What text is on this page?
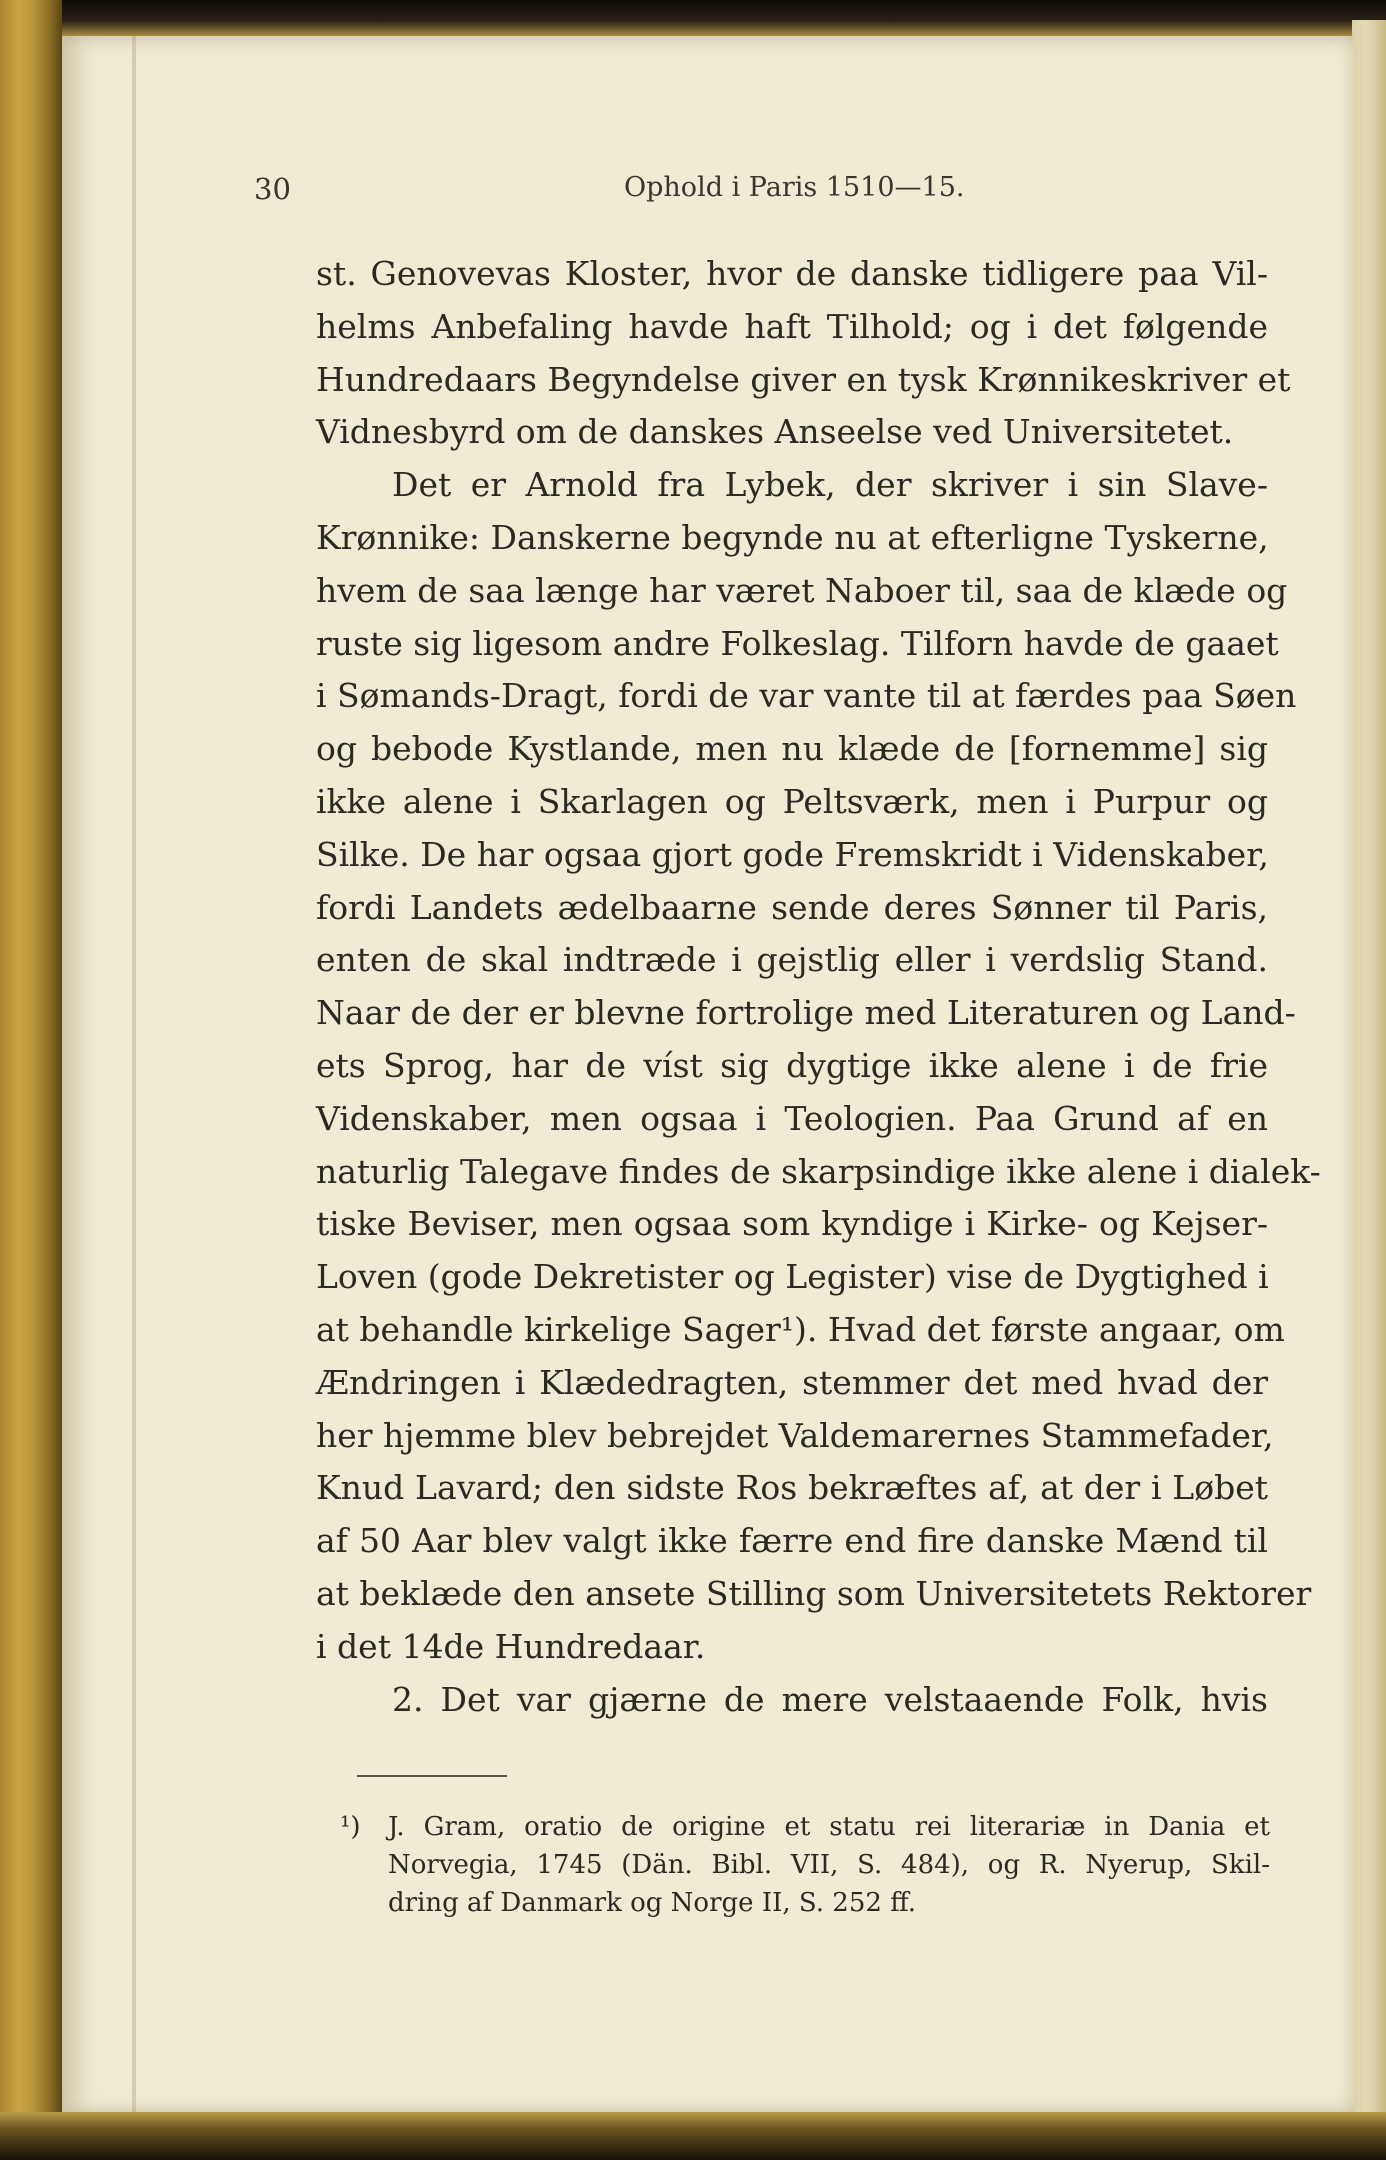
30	Ophold i Paris 1510—15.
st. Genovevas Kloster, hvor de danske tidligere paa Vil-
helms Anbefaling havde haft Tilhold; og i det følgende
Hundredaars Begyndelse giver en tysk Krønnikeskriver et
Vidnesbyrd om de danskes Anseelse ved Universitetet.
Det er Arnold fra Lybek, der skriver i sin Slave-
Krønnike: Danskerne begynde nu at efterligne Tyskerne,
hvem de saa længe har været Naboer til, saa de klæde og
ruste sig ligesom andre Folkeslag. Tilforn havde de gaaet
i Sømands-Dragt, fordi de var vante til at færdes paa Søen
og bebode Kystlande, men nu klæde de [fornemme] sig
ikke alene i Skarlagen og Peltsværk, men i Purpur og
Silke. De har ogsaa gjort gode Fremskridt i Videnskaber,
fordi Landets ædelbaarne sende deres Sønner til Paris,
enten de skal indtræde i gejstlig eller i verdslig Stand.
Naar de der er blevne fortrolige med Literaturen og Land-
ets Sprog, har de víst sig dygtige ikke alene i de frie
Videnskaber, men ogsaa i Teologien. Paa Grund af en
naturlig Talegave findes de skarpsindige ikke alene i dialek-
tiske Beviser, men ogsaa som kyndige i Kirke- og Kejser-
Loven (gode Dekretister og Legister) vise de Dygtighed i
at behandle kirkelige Sager¹). Hvad det første angaar, om
Ændringen i Klædedragten, stemmer det med hvad der
her hjemme blev bebrejdet Valdemarernes Stammefader,
Knud Lavard; den sidste Ros bekræftes af, at der i Løbet
af 50 Aar blev valgt ikke færre end fire danske Mænd til
at beklæde den ansete Stilling som Universitetets Rektorer
i det 14de Hundredaar.
2. Det var gjærne de mere velstaaende Folk, hvis
¹)	J. Gram, oratio de origine et statu rei literariæ in Dania et
Norvegia, 1745 (Dän. Bibl. VII, S. 484), og R. Nyerup, Skil-
dring af Danmark og Norge II, S. 252 ff.
